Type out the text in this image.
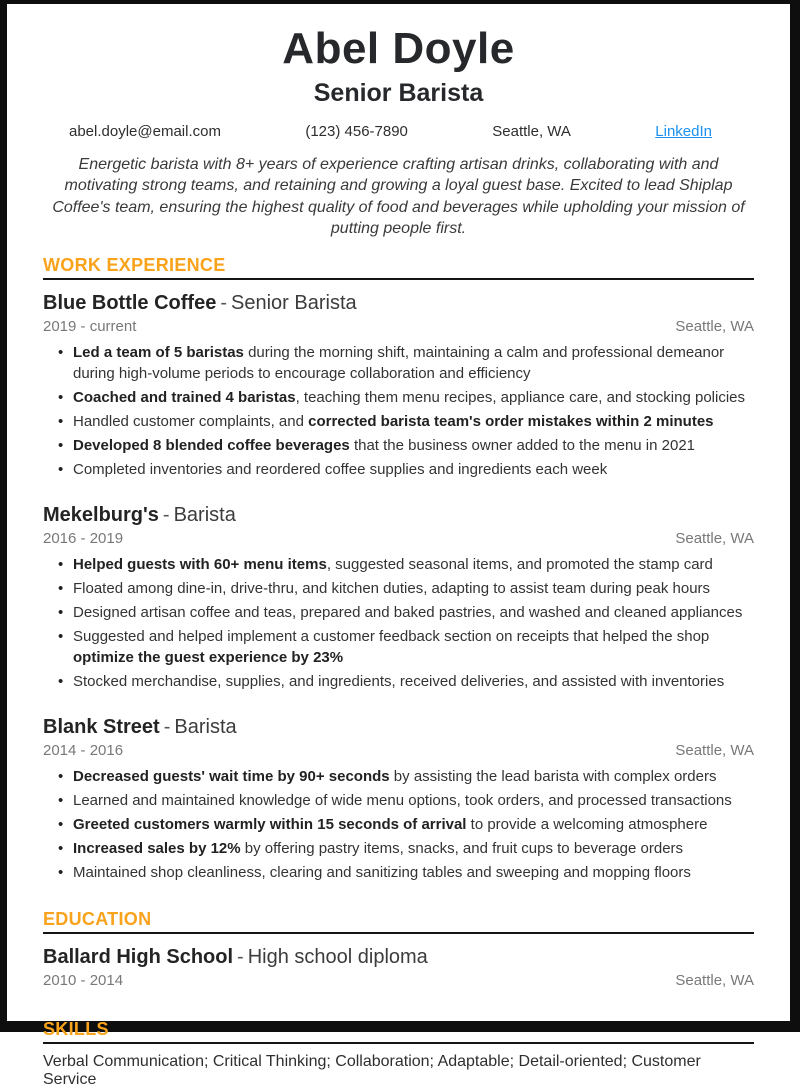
Abel Doyle
Senior Barista
abel.doyle@email.com	(123) 456-7890	Seattle, WA	LinkedIn

Energetic barista with 8+ years of experience crafting artisan drinks, collaborating with and motivating strong teams, and retaining and growing a loyal guest base. Excited to lead Shiplap Coffee's team, ensuring the highest quality of food and beverages while upholding your mission of putting people first.

WORK EXPERIENCE
Blue Bottle Coffee - Senior Barista
2019 - current	Seattle, WA
• Led a team of 5 baristas during the morning shift, maintaining a calm and professional demeanor during high-volume periods to encourage collaboration and efficiency
• Coached and trained 4 baristas, teaching them menu recipes, appliance care, and stocking policies
• Handled customer complaints, and corrected barista team's order mistakes within 2 minutes
• Developed 8 blended coffee beverages that the business owner added to the menu in 2021
• Completed inventories and reordered coffee supplies and ingredients each week
Mekelburg's - Barista
2016 - 2019	Seattle, WA
• Helped guests with 60+ menu items, suggested seasonal items, and promoted the stamp card
• Floated among dine-in, drive-thru, and kitchen duties, adapting to assist team during peak hours
• Designed artisan coffee and teas, prepared and baked pastries, and washed and cleaned appliances
• Suggested and helped implement a customer feedback section on receipts that helped the shop optimize the guest experience by 23%
• Stocked merchandise, supplies, and ingredients, received deliveries, and assisted with inventories
Blank Street - Barista
2014 - 2016	Seattle, WA
• Decreased guests' wait time by 90+ seconds by assisting the lead barista with complex orders
• Learned and maintained knowledge of wide menu options, took orders, and processed transactions
• Greeted customers warmly within 15 seconds of arrival to provide a welcoming atmosphere
• Increased sales by 12% by offering pastry items, snacks, and fruit cups to beverage orders
• Maintained shop cleanliness, clearing and sanitizing tables and sweeping and mopping floors
EDUCATION
Ballard High School - High school diploma
2010 - 2014	Seattle, WA
SKILLS
Verbal Communication; Critical Thinking; Collaboration; Adaptable; Detail-oriented; Customer Service
